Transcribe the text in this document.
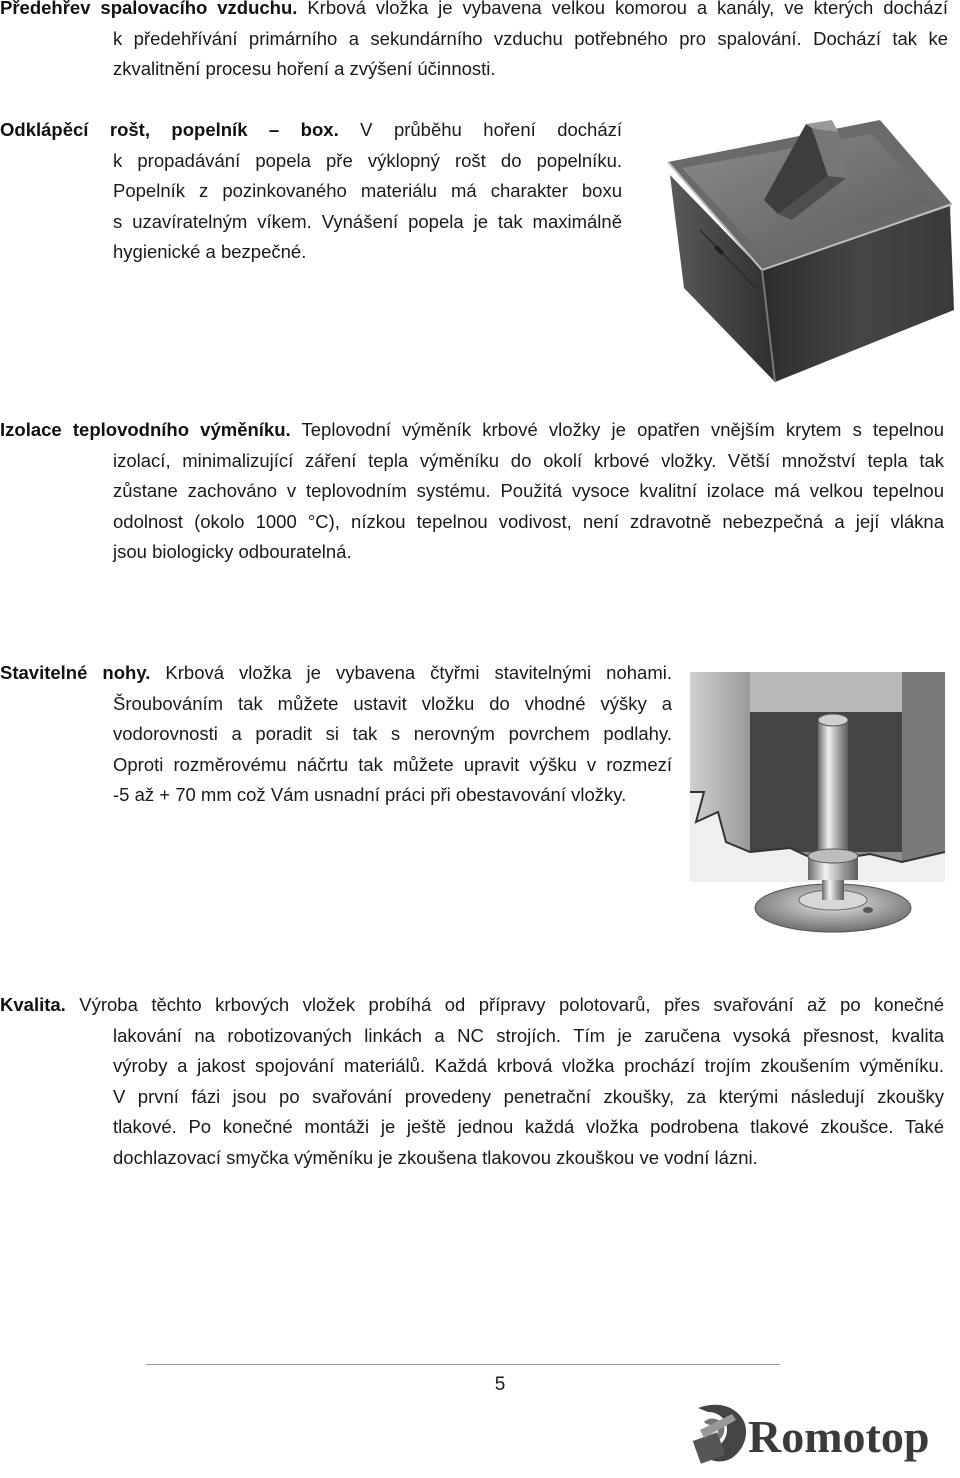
Předehřev spalovacího vzduchu. Krbová vložka je vybavena velkou komorou a kanály, ve kterých dochází
k předehřívání primárního a sekundárního vzduchu potřebného pro spalování. Dochází tak ke
zkvalitnění procesu hoření a zvýšení účinnosti.
Odklápěcí rošt, popelník – box. V průběhu hoření dochází
k propadávání popela pře výklopný rošt do popelníku.
Popelník z pozinkovaného materiálu má charakter boxu
s uzavíratelným víkem. Vynášení popela je tak maximálně
hygienické a bezpečné.
Izolace teplovodního výměníku. Teplovodní výměník krbové vložky je opatřen vnějším krytem s tepelnou
izolací, minimalizující záření tepla výměníku do okolí krbové vložky. Větší množství tepla tak
zůstane zachováno v teplovodním systému. Použitá vysoce kvalitní izolace má velkou tepelnou
odolnost (okolo 1000 °C), nízkou tepelnou vodivost, není zdravotně nebezpečná a její vlákna
jsou biologicky odbouratelná.
Stavitelné nohy. Krbová vložka je vybavena čtyřmi stavitelnými nohami.
Šroubováním tak můžete ustavit vložku do vhodné výšky a
vodorovnosti a poradit si tak s nerovným povrchem podlahy.
Oproti rozměrovému náčrtu tak můžete upravit výšku v rozmezí
-5 až + 70 mm což Vám usnadní práci při obestavování vložky.
Kvalita. Výroba těchto krbových vložek probíhá od přípravy polotovarů, přes svařování až po konečné
lakování na robotizovaných linkách a NC strojích. Tím je zaručena vysoká přesnost, kvalita
výroby a jakost spojování materiálů. Každá krbová vložka prochází trojím zkoušením výměníku.
V první fázi jsou po svařování provedeny penetrační zkoušky, za kterými následují zkoušky
tlakové. Po konečné montáži je ještě jednou každá vložka podrobena tlakové zkoušce. Také
dochlazovací smyčka výměníku je zkoušena tlakovou zkouškou ve vodní lázni.
5
Romotop
